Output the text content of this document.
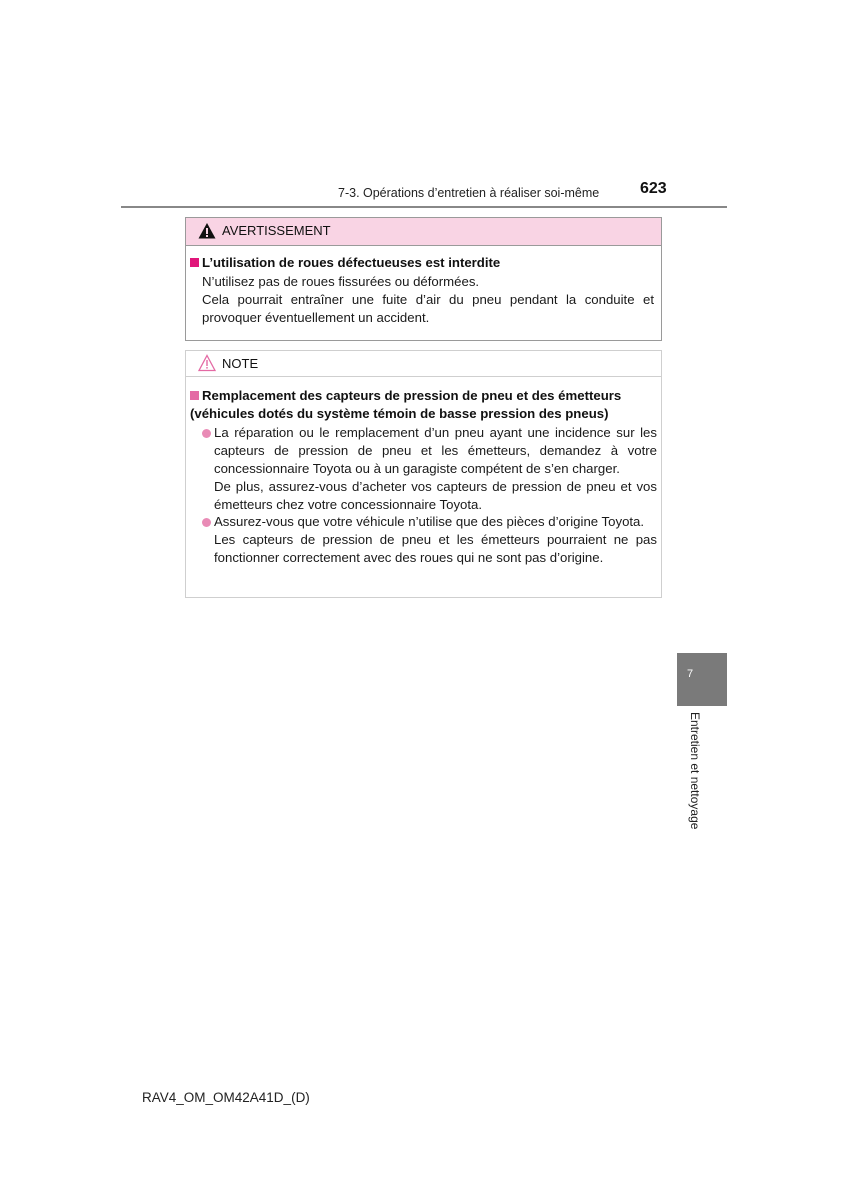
7-3. Opérations d’entretien à réaliser soi-même	623
AVERTISSEMENT
L’utilisation de roues défectueuses est interdite
N’utilisez pas de roues fissurées ou déformées.
Cela pourrait entraîner une fuite d’air du pneu pendant la conduite et provoquer éventuellement un accident.
NOTE
Remplacement des capteurs de pression de pneu et des émetteurs (véhicules dotés du système témoin de basse pression des pneus)
La réparation ou le remplacement d’un pneu ayant une incidence sur les capteurs de pression de pneu et les émetteurs, demandez à votre concessionnaire Toyota ou à un garagiste compétent de s’en charger.
De plus, assurez-vous d’acheter vos capteurs de pression de pneu et vos émetteurs chez votre concessionnaire Toyota.
Assurez-vous que votre véhicule n’utilise que des pièces d’origine Toyota.
Les capteurs de pression de pneu et les émetteurs pourraient ne pas fonctionner correctement avec des roues qui ne sont pas d’origine.
7
Entretien et nettoyage
RAV4_OM_OM42A41D_(D)
